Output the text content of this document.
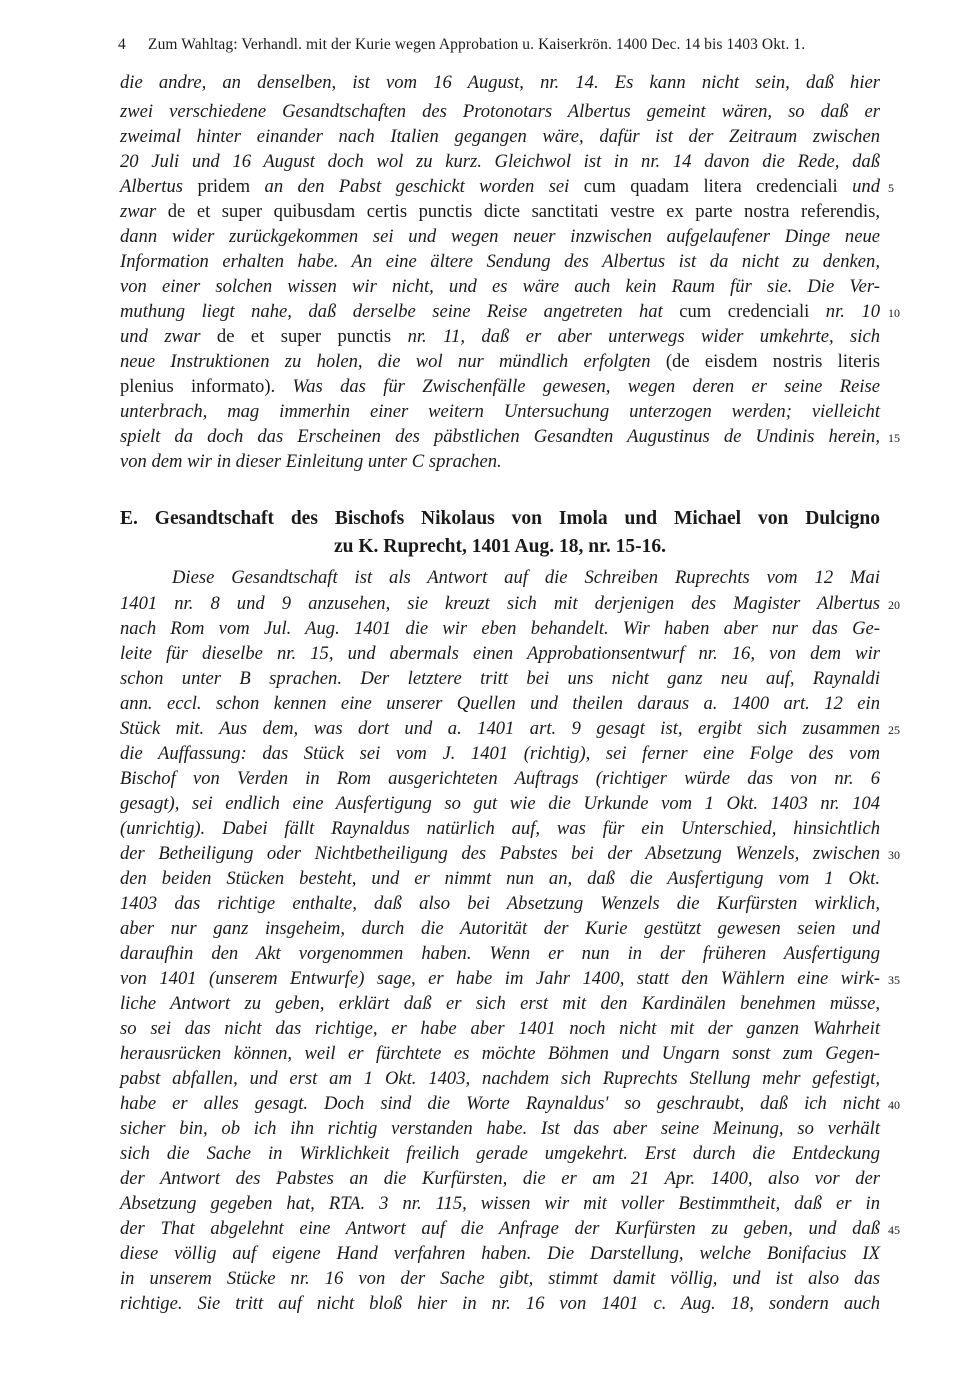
4 Zum Wahltag: Verhandl. mit der Kurie wegen Approbation u. Kaiserkrön. 1400 Dec. 14 bis 1403 Okt. 1.
die andre, an denselben, ist vom 16 August, nr. 14. Es kann nicht sein, daß hier
zwei verschiedene Gesandtschaften des Protonotars Albertus gemeint wären, so daß er
zweimal hinter einander nach Italien gegangen wäre, dafür ist der Zeitraum zwischen
20 Juli und 16 August doch wol zu kurz. Gleichwol ist in nr. 14 davon die Rede, daß
Albertus pridem an den Pabst geschickt worden sei cum quadam litera credenciali und
zwar de et super quibusdam certis punctis dicte sanctitati vestre ex parte nostra referendis,
dann wider zurückgekommen sei und wegen neuer inzwischen aufgelaufener Dinge neue
Information erhalten habe. An eine ältere Sendung des Albertus ist da nicht zu denken,
von einer solchen wissen wir nicht, und es wäre auch kein Raum für sie. Die Ver-
muthung liegt nahe, daß derselbe seine Reise angetreten hat cum credenciali nr. 10
und zwar de et super punctis nr. 11, daß er aber unterwegs wider umkehrte, sich
neue Instruktionen zu holen, die wol nur mündlich erfolgten (de eisdem nostris literis
plenius informato). Was das für Zwischenfälle gewesen, wegen deren er seine Reise
unterbrach, mag immerhin einer weitern Untersuchung unterzogen werden; vielleicht
spielt da doch das Erscheinen des päbstlichen Gesandten Augustinus de Undinis herein,
von dem wir in dieser Einleitung unter C sprachen.
E. Gesandtschaft des Bischofs Nikolaus von Imola und Michael von Dulcigno
zu K. Ruprecht, 1401 Aug. 18, nr. 15-16.
Diese Gesandtschaft ist als Antwort auf die Schreiben Ruprechts vom 12 Mai
1401 nr. 8 und 9 anzusehen, sie kreuzt sich mit derjenigen des Magister Albertus
nach Rom vom Jul. Aug. 1401 die wir eben behandelt. Wir haben aber nur das Ge-
leite für dieselbe nr. 15, und abermals einen Approbationsentwurf nr. 16, von dem wir
schon unter B sprachen. Der letztere tritt bei uns nicht ganz neu auf, Raynaldi
ann. eccl. schon kennen eine unserer Quellen und theilen daraus a. 1400 art. 12 ein
Stück mit. Aus dem, was dort und a. 1401 art. 9 gesagt ist, ergibt sich zusammen
die Auffassung: das Stück sei vom J. 1401 (richtig), sei ferner eine Folge des vom
Bischof von Verden in Rom ausgerichteten Auftrags (richtiger würde das von nr. 6
gesagt), sei endlich eine Ausfertigung so gut wie die Urkunde vom 1 Okt. 1403 nr. 104
(unrichtig). Dabei fällt Raynaldus natürlich auf, was für ein Unterschied, hinsichtlich
der Betheiligung oder Nichtbetheiligung des Pabstes bei der Absetzung Wenzels, zwischen
den beiden Stücken besteht, und er nimmt nun an, daß die Ausfertigung vom 1 Okt.
1403 das richtige enthalte, daß also bei Absetzung Wenzels die Kurfürsten wirklich,
aber nur ganz insgeheim, durch die Autorität der Kurie gestützt gewesen seien und
daraufhin den Akt vorgenommen haben. Wenn er nun in der früheren Ausfertigung
von 1401 (unserem Entwurfe) sage, er habe im Jahr 1400, statt den Wählern eine wirk-
liche Antwort zu geben, erklärt daß er sich erst mit den Kardinälen benehmen müsse,
so sei das nicht das richtige, er habe aber 1401 noch nicht mit der ganzen Wahrheit
herausrücken können, weil er fürchtete es möchte Böhmen und Ungarn sonst zum Gegen-
pabst abfallen, und erst am 1 Okt. 1403, nachdem sich Ruprechts Stellung mehr gefestigt,
habe er alles gesagt. Doch sind die Worte Raynaldus' so geschraubt, daß ich nicht
sicher bin, ob ich ihn richtig verstanden habe. Ist das aber seine Meinung, so verhält
sich die Sache in Wirklichkeit freilich gerade umgekehrt. Erst durch die Entdeckung
der Antwort des Pabstes an die Kurfürsten, die er am 21 Apr. 1400, also vor der
Absetzung gegeben hat, RTA. 3 nr. 115, wissen wir mit voller Bestimmtheit, daß er in
der That abgelehnt eine Antwort auf die Anfrage der Kurfürsten zu geben, und daß
diese völlig auf eigene Hand verfahren haben. Die Darstellung, welche Bonifacius IX
in unserem Stücke nr. 16 von der Sache gibt, stimmt damit völlig, und ist also das
richtige. Sie tritt auf nicht bloß hier in nr. 16 von 1401 c. Aug. 18, sondern auch
5
10
15
20
25
30
35
40
45
